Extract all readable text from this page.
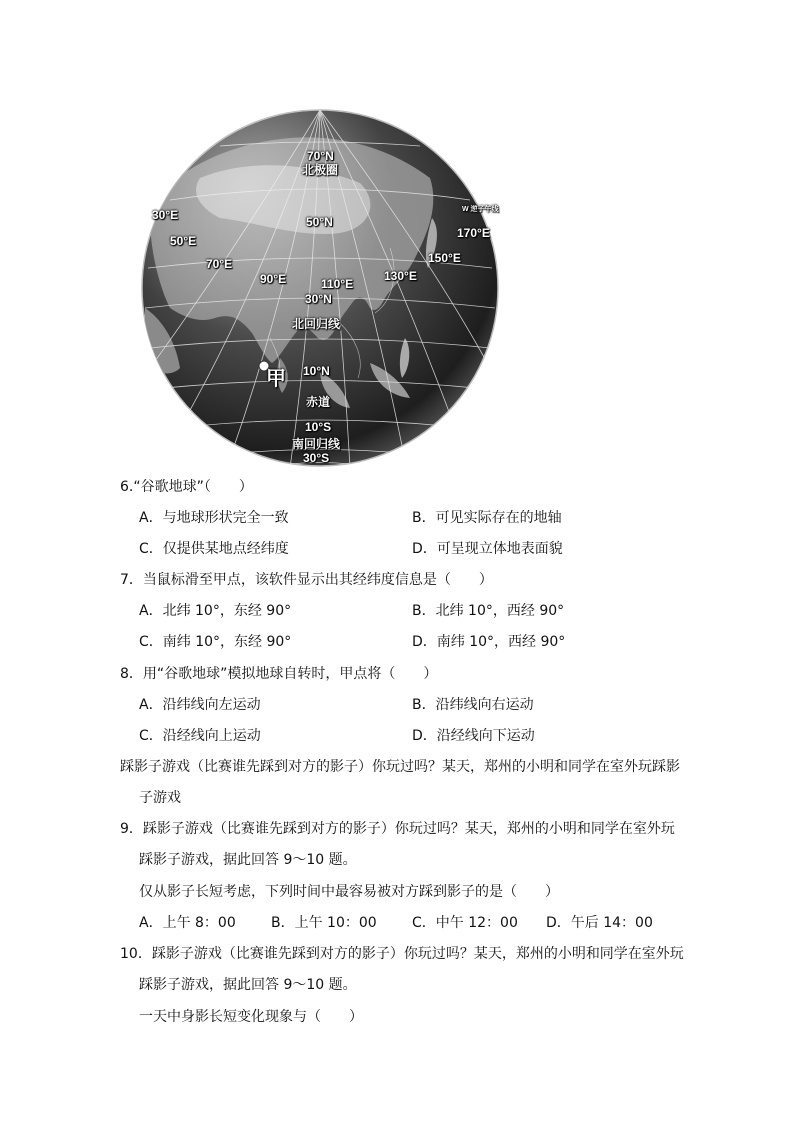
70°N
北极圈
30°E	50°N
50°E
70°E
90°E	110°E
130°E
150°E
170°E
W 逆子午线
30°N
北回归线
甲 10°N
赤道
10°S
南回归线
30°S
6.“谷歌地球”（　　）
A．与地球形状完全一致	B．可见实际存在的地轴
C．仅提供某地点经纬度	D．可呈现立体地表面貌
7．当鼠标滑至甲点，该软件显示出其经纬度信息是（　　）
A．北纬 10°，东经 90°	B．北纬 10°，西经 90°
C．南纬 10°，东经 90°	D．南纬 10°，西经 90°
8．用“谷歌地球”模拟地球自转时，甲点将（　　）
A．沿纬线向左运动	B．沿纬线向右运动
C．沿经线向上运动	D．沿经线向下运动
踩影子游戏（比赛谁先踩到对方的影子）你玩过吗？某天，郑州的小明和同学在室外玩踩影
子游戏
9．踩影子游戏（比赛谁先踩到对方的影子）你玩过吗？某天，郑州的小明和同学在室外玩
踩影子游戏，据此回答 9～10 题。
仅从影子长短考虑，下列时间中最容易被对方踩到影子的是（　　）
A．上午 8：00	B．上午 10：00	C．中午 12：00 D．午后 14：00
10．踩影子游戏（比赛谁先踩到对方的影子）你玩过吗？某天，郑州的小明和同学在室外玩
踩影子游戏，据此回答 9～10 题。
一天中身影长短变化现象与（　　）
